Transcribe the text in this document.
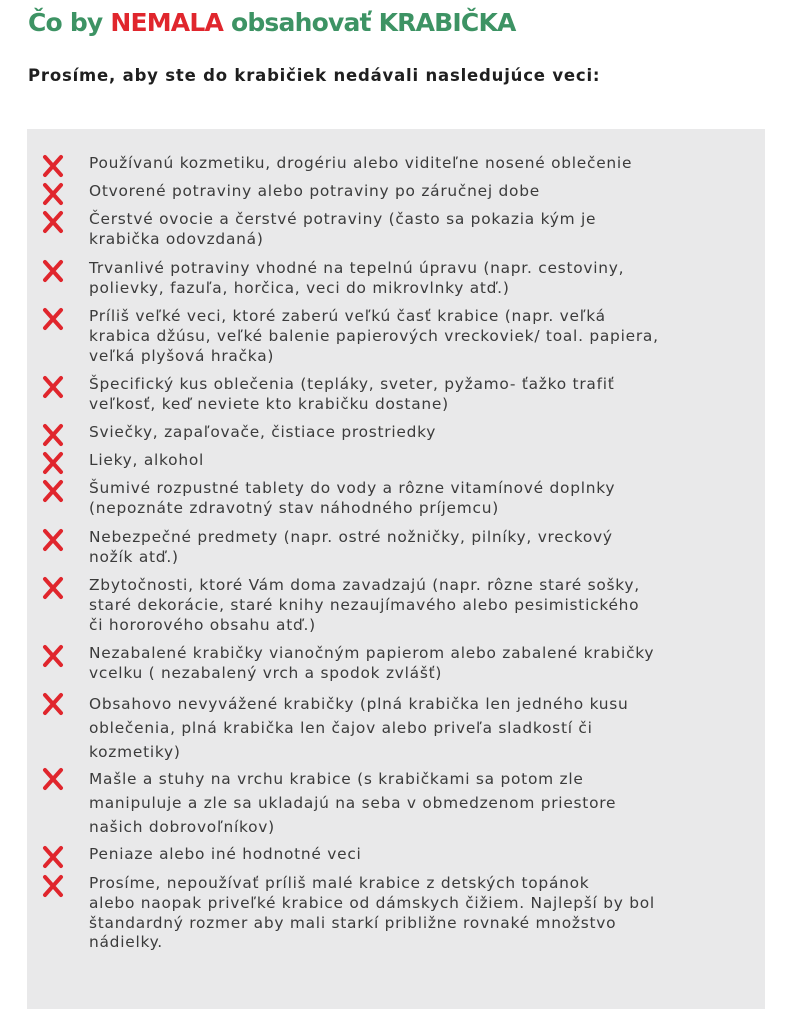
Čo by NEMALA obsahovať KRABIČKA

Prosíme, aby ste do krabičiek nedávali nasledujúce veci:

Používanú kozmetiku, drogériu alebo viditeľne nosené oblečenie
Otvorené potraviny alebo potraviny po záručnej dobe
Čerstvé ovocie a čerstvé potraviny (často sa pokazia kým je
krabička odovzdaná)
Trvanlivé potraviny vhodné na tepelnú úpravu (napr. cestoviny,
polievky, fazuľa, horčica, veci do mikrovlnky atď.)
Príliš veľké veci, ktoré zaberú veľkú časť krabice (napr. veľká
krabica džúsu, veľké balenie papierových vreckoviek/ toal. papiera,
veľká plyšová hračka)
Špecifický kus oblečenia (tepláky, sveter, pyžamo- ťažko trafiť
veľkosť, keď neviete kto krabičku dostane)
Sviečky, zapaľovače, čistiace prostriedky
Lieky, alkohol
Šumivé rozpustné tablety do vody a rôzne vitamínové doplnky
(nepoznáte zdravotný stav náhodného príjemcu)
Nebezpečné predmety (napr. ostré nožničky, pilníky, vreckový
nožík atď.)
Zbytočnosti, ktoré Vám doma zavadzajú (napr. rôzne staré sošky,
staré dekorácie, staré knihy nezaujímavého alebo pesimistického
či hororového obsahu atď.)
Nezabalené krabičky vianočným papierom alebo zabalené krabičky
vcelku ( nezabalený vrch a spodok zvlášť)
Obsahovo nevyvážené krabičky (plná krabička len jedného kusu
oblečenia, plná krabička len čajov alebo priveľa sladkostí či
kozmetiky)
Mašle a stuhy na vrchu krabice (s krabičkami sa potom zle
manipuluje a zle sa ukladajú na seba v obmedzenom priestore
našich dobrovoľníkov)
Peniaze alebo iné hodnotné veci
Prosíme, nepoužívať príliš malé krabice z detských topánok
alebo naopak priveľké krabice od dámskych čižiem. Najlepší by bol
štandardný rozmer aby mali starkí približne rovnaké množstvo
nádielky.
